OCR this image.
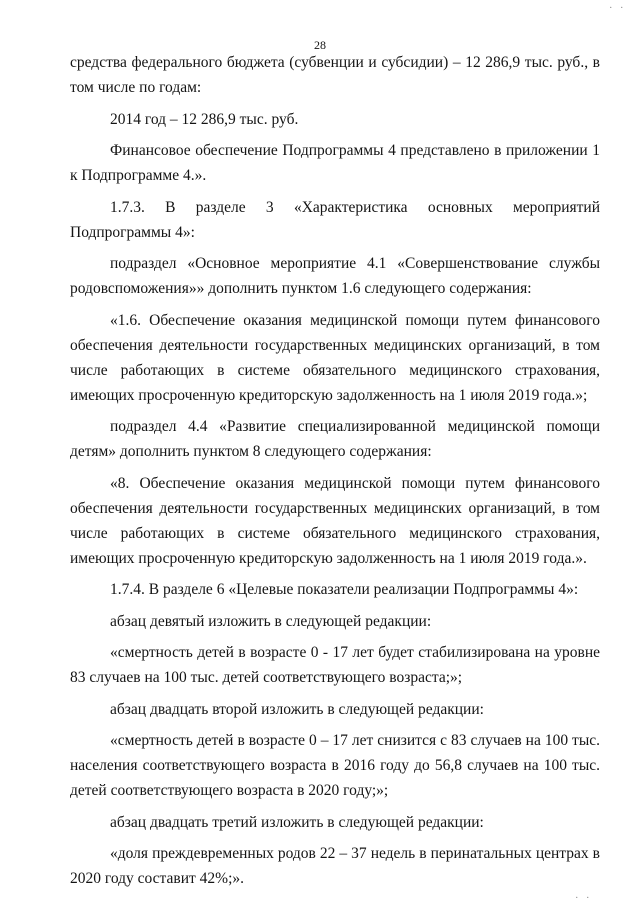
. .
28

средства федерального бюджета (субвенции и субсидии) – 12 286,9 тыс. руб., в том числе по годам:

2014 год – 12 286,9 тыс. руб.

Финансовое обеспечение Подпрограммы 4 представлено в приложении 1 к Подпрограмме 4.».

1.7.3. В разделе 3 «Характеристика основных мероприятий Подпрограммы 4»:

подраздел «Основное мероприятие 4.1 «Совершенствование службы родовспоможения»» дополнить пунктом 1.6 следующего содержания:

«1.6. Обеспечение оказания медицинской помощи путем финансового обеспечения деятельности государственных медицинских организаций, в том числе работающих в системе обязательного медицинского страхования, имеющих просроченную кредиторскую задолженность на 1 июля 2019 года.»;

подраздел 4.4 «Развитие специализированной медицинской помощи детям» дополнить пунктом 8 следующего содержания:

«8. Обеспечение оказания медицинской помощи путем финансового обеспечения деятельности государственных медицинских организаций, в том числе работающих в системе обязательного медицинского страхования, имеющих просроченную кредиторскую задолженность на 1 июля 2019 года.».

1.7.4. В разделе 6 «Целевые показатели реализации Подпрограммы 4»:

абзац девятый изложить в следующей редакции:

«смертность детей в возрасте 0 - 17 лет будет стабилизирована на уровне 83 случаев на 100 тыс. детей соответствующего возраста;»;

абзац двадцать второй изложить в следующей редакции:

«смертность детей в возрасте 0 – 17 лет снизится с 83 случаев на 100 тыс. населения соответствующего возраста в 2016 году до 56,8 случаев на 100 тыс. детей соответствующего возраста в 2020 году;»;

абзац двадцать третий изложить в следующей редакции:

«доля преждевременных родов 22 – 37 недель в перинатальных центрах в 2020 году составит 42%;».

. .
